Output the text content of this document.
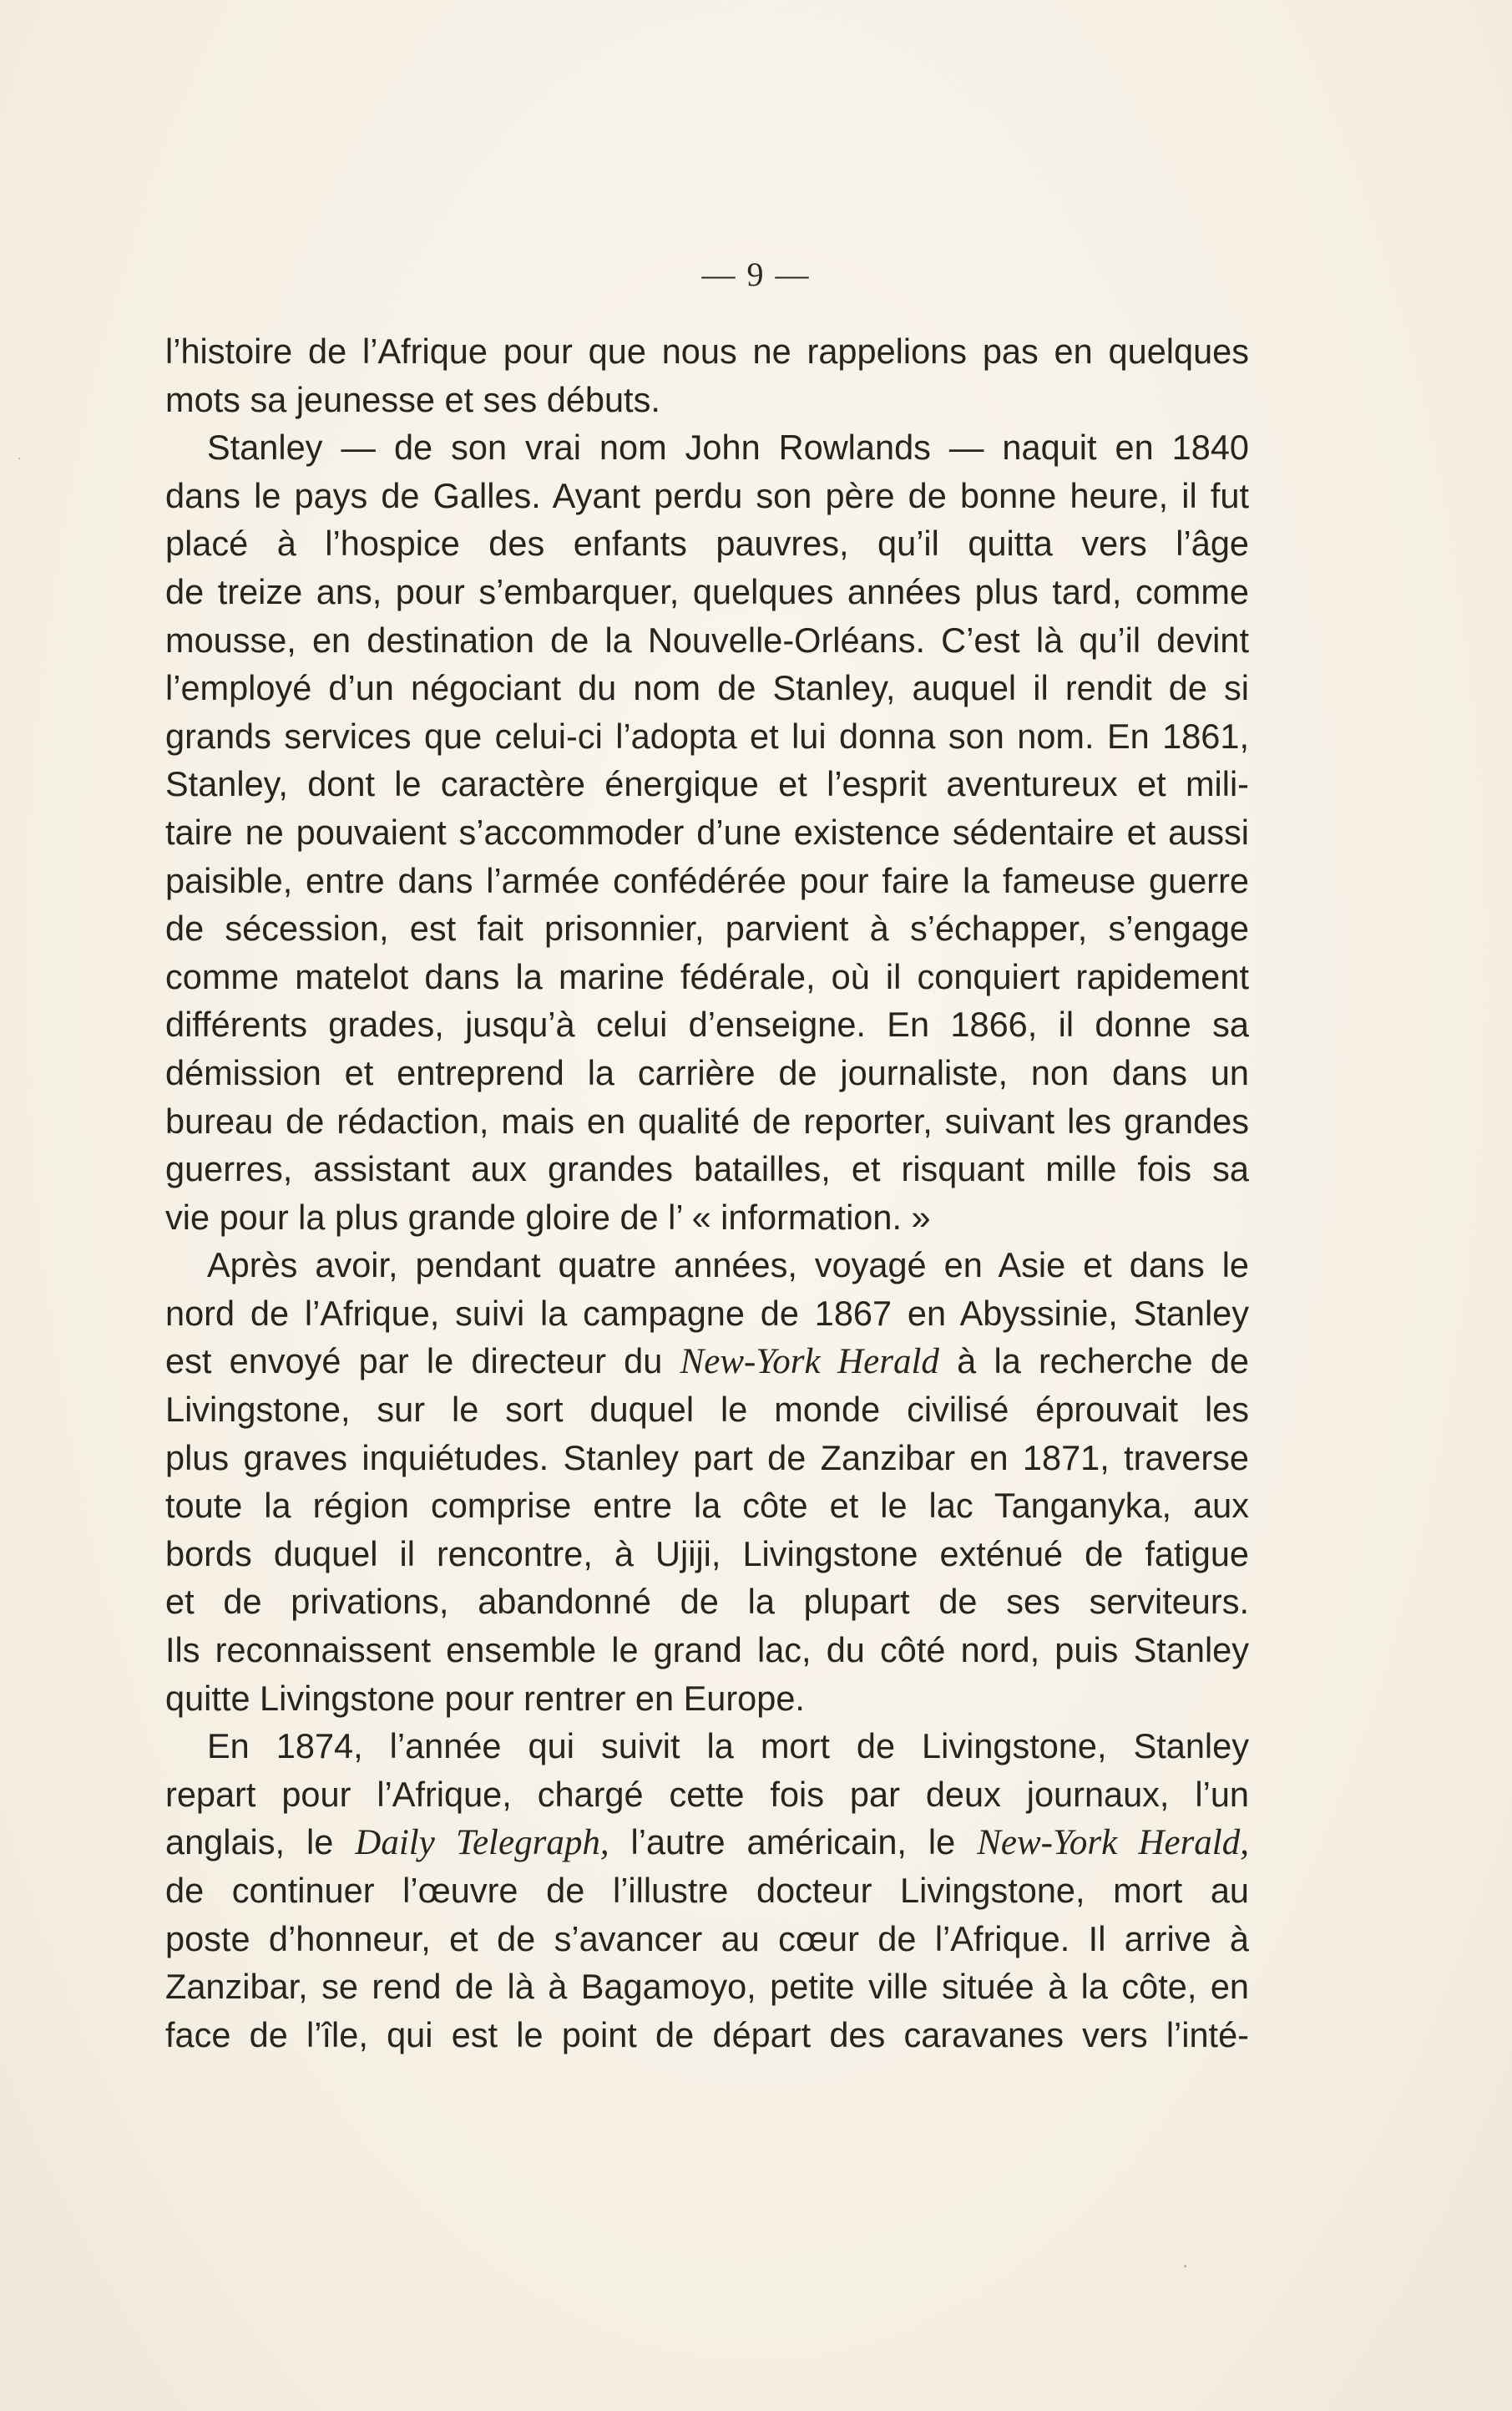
— 9 —
l’histoire de l’Afrique pour que nous ne rappelions pas en quelques
mots sa jeunesse et ses débuts.
Stanley — de son vrai nom John Rowlands — naquit en 1840
dans le pays de Galles. Ayant perdu son père de bonne heure, il fut
placé à l’hospice des enfants pauvres, qu’il quitta vers l’âge
de treize ans, pour s’embarquer, quelques années plus tard, comme
mousse, en destination de la Nouvelle-Orléans. C’est là qu’il devint
l’employé d’un négociant du nom de Stanley, auquel il rendit de si
grands services que celui-ci l’adopta et lui donna son nom. En 1861,
Stanley, dont le caractère énergique et l’esprit aventureux et mili-
taire ne pouvaient s’accommoder d’une existence sédentaire et aussi
paisible, entre dans l’armée confédérée pour faire la fameuse guerre
de sécession, est fait prisonnier, parvient à s’échapper, s’engage
comme matelot dans la marine fédérale, où il conquiert rapidement
différents grades, jusqu’à celui d’enseigne. En 1866, il donne sa
démission et entreprend la carrière de journaliste, non dans un
bureau de rédaction, mais en qualité de reporter, suivant les grandes
guerres, assistant aux grandes batailles, et risquant mille fois sa
vie pour la plus grande gloire de l’ « information. »
Après avoir, pendant quatre années, voyagé en Asie et dans le
nord de l’Afrique, suivi la campagne de 1867 en Abyssinie, Stanley
est envoyé par le directeur du New-York Herald à la recherche de
Livingstone, sur le sort duquel le monde civilisé éprouvait les
plus graves inquiétudes. Stanley part de Zanzibar en 1871, traverse
toute la région comprise entre la côte et le lac Tanganyka, aux
bords duquel il rencontre, à Ujiji, Livingstone exténué de fatigue
et de privations, abandonné de la plupart de ses serviteurs.
Ils reconnaissent ensemble le grand lac, du côté nord, puis Stanley
quitte Livingstone pour rentrer en Europe.
En 1874, l’année qui suivit la mort de Livingstone, Stanley
repart pour l’Afrique, chargé cette fois par deux journaux, l’un
anglais, le Daily Telegraph, l’autre américain, le New-York Herald,
de continuer l’œuvre de l’illustre docteur Livingstone, mort au
poste d’honneur, et de s’avancer au cœur de l’Afrique. Il arrive à
Zanzibar, se rend de là à Bagamoyo, petite ville située à la côte, en
face de l’île, qui est le point de départ des caravanes vers l’inté-
